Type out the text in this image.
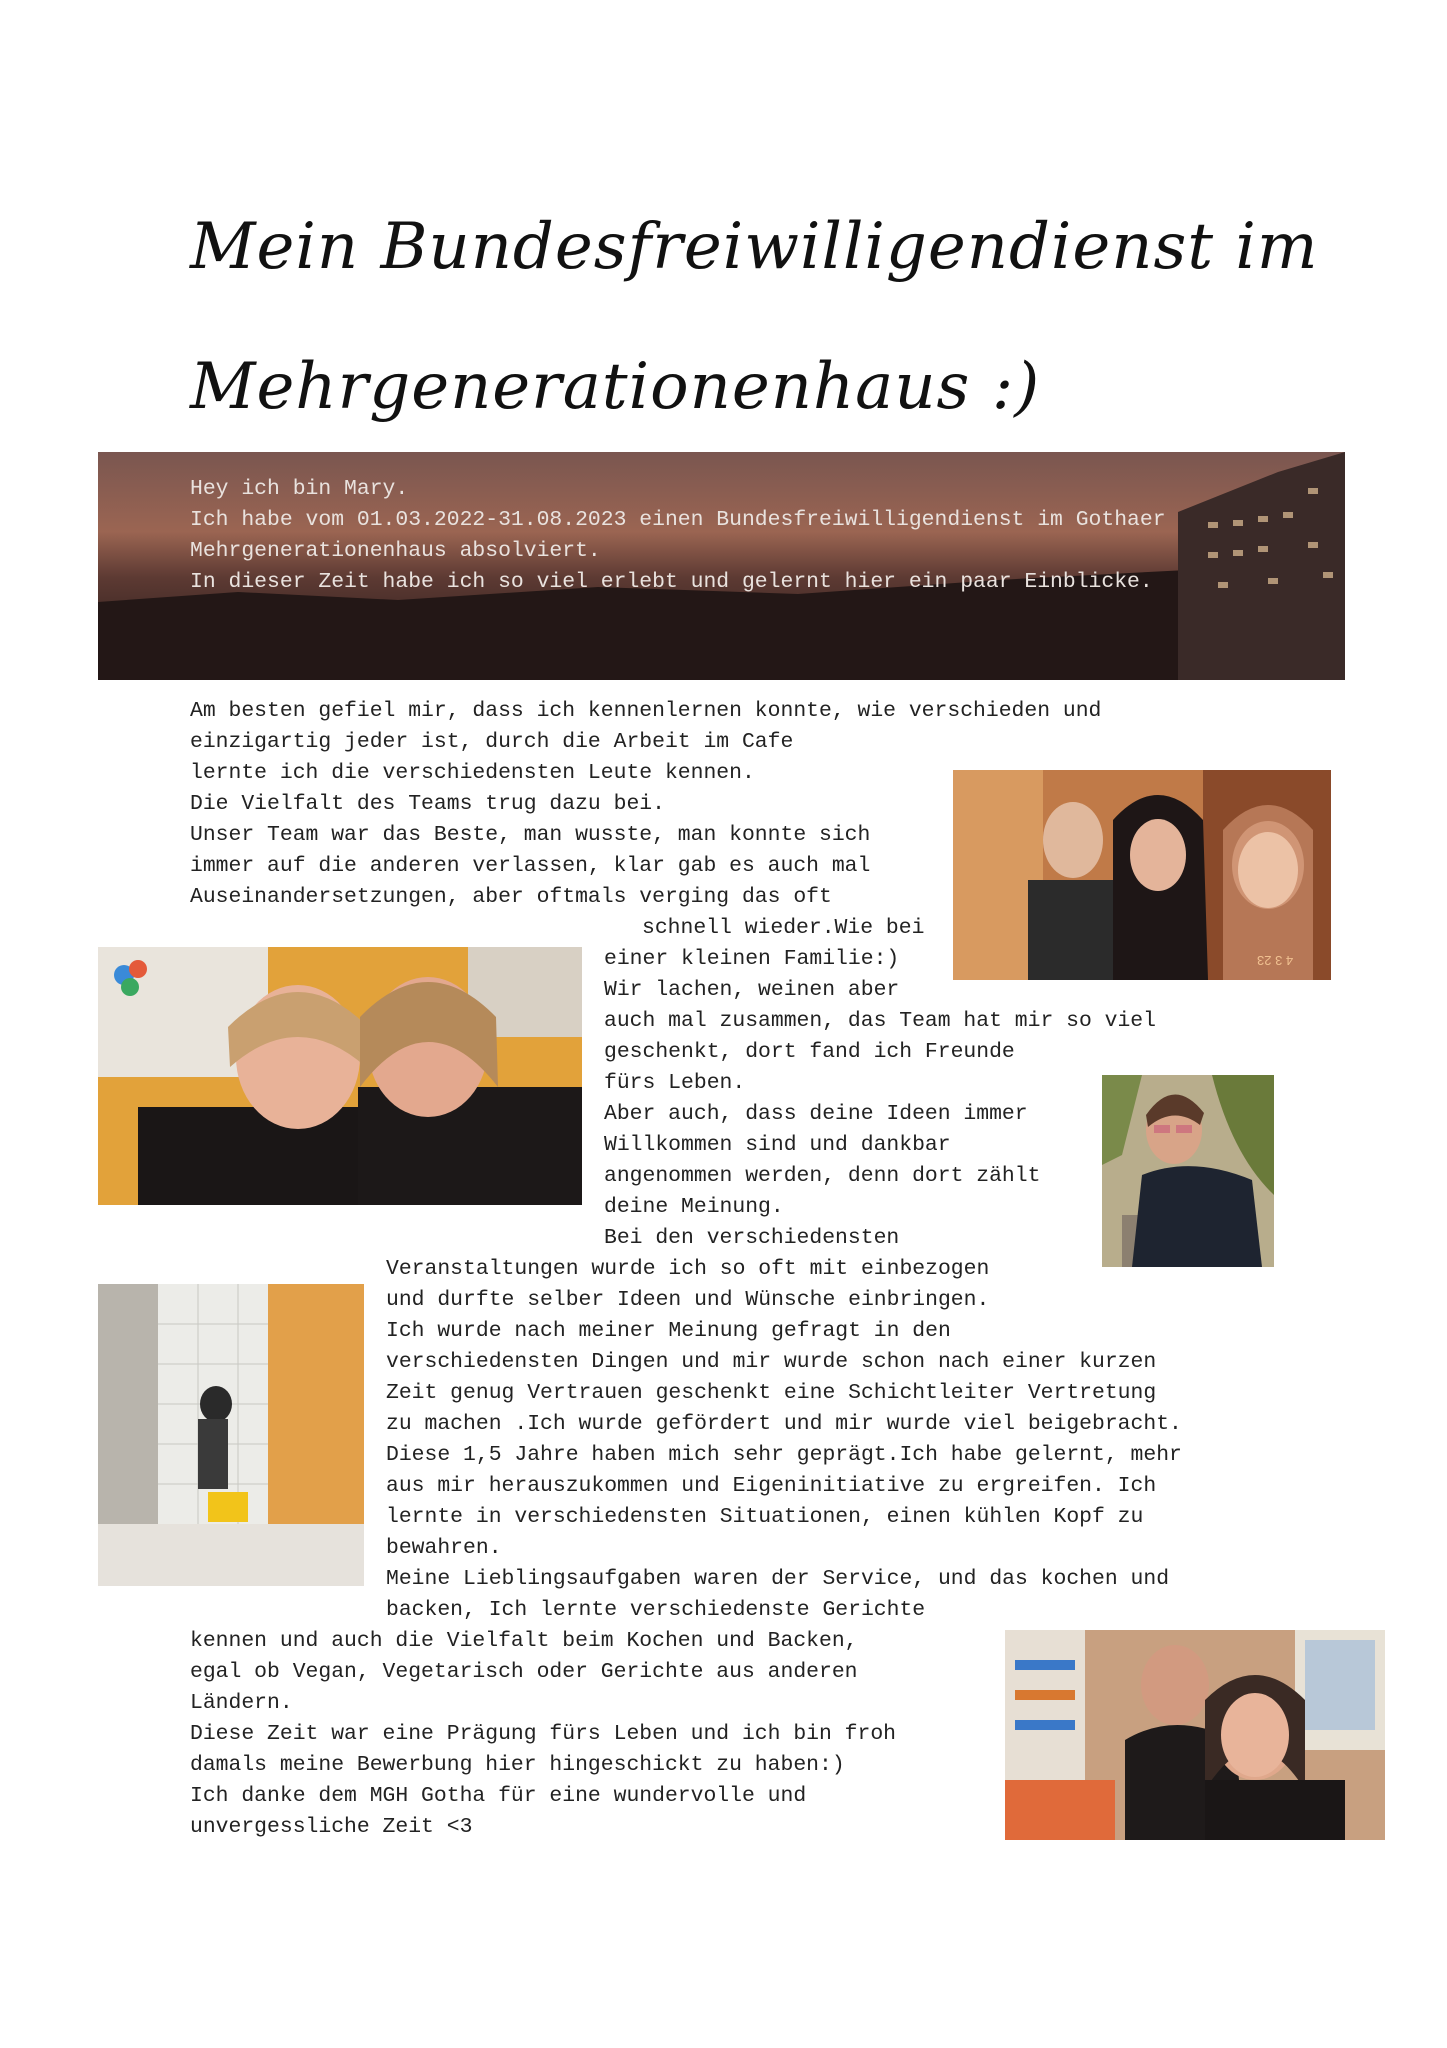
Mein Bundesfreiwilligendienst im
Mehrgenerationenhaus :)
Hey ich bin Mary.
Ich habe vom 01.03.2022-31.08.2023 einen Bundesfreiwilligendienst im Gothaer
Mehrgenerationenhaus absolviert.
In dieser Zeit habe ich so viel erlebt und gelernt hier ein paar Einblicke.
4 3 23
Am besten gefiel mir, dass ich kennenlernen konnte, wie verschieden und
einzigartig jeder ist, durch die Arbeit im Cafe
lernte ich die verschiedensten Leute kennen.
Die Vielfalt des Teams trug dazu bei.
Unser Team war das Beste, man wusste, man konnte sich
immer auf die anderen verlassen, klar gab es auch mal
Auseinandersetzungen, aber oftmals verging das oft
schnell wieder.Wie bei
einer kleinen Familie:)
Wir lachen, weinen aber
auch mal zusammen, das Team hat mir so viel
geschenkt, dort fand ich Freunde
fürs Leben.
Aber auch, dass deine Ideen immer
Willkommen sind und dankbar
angenommen werden, denn dort zählt
deine Meinung.
Bei den verschiedensten
Veranstaltungen wurde ich so oft mit einbezogen
und durfte selber Ideen und Wünsche einbringen.
Ich wurde nach meiner Meinung gefragt in den
verschiedensten Dingen und mir wurde schon nach einer kurzen
Zeit genug Vertrauen geschenkt eine Schichtleiter Vertretung
zu machen .Ich wurde gefördert und mir wurde viel beigebracht.
Diese 1,5 Jahre haben mich sehr geprägt.Ich habe gelernt, mehr
aus mir herauszukommen und Eigeninitiative zu ergreifen. Ich
lernte in verschiedensten Situationen, einen kühlen Kopf zu
bewahren.
Meine Lieblingsaufgaben waren der Service, und das kochen und
backen, Ich lernte verschiedenste Gerichte
kennen und auch die Vielfalt beim Kochen und Backen,
egal ob Vegan, Vegetarisch oder Gerichte aus anderen
Ländern.
Diese Zeit war eine Prägung fürs Leben und ich bin froh
damals meine Bewerbung hier hingeschickt zu haben:)
Ich danke dem MGH Gotha für eine wundervolle und
unvergessliche Zeit <3
